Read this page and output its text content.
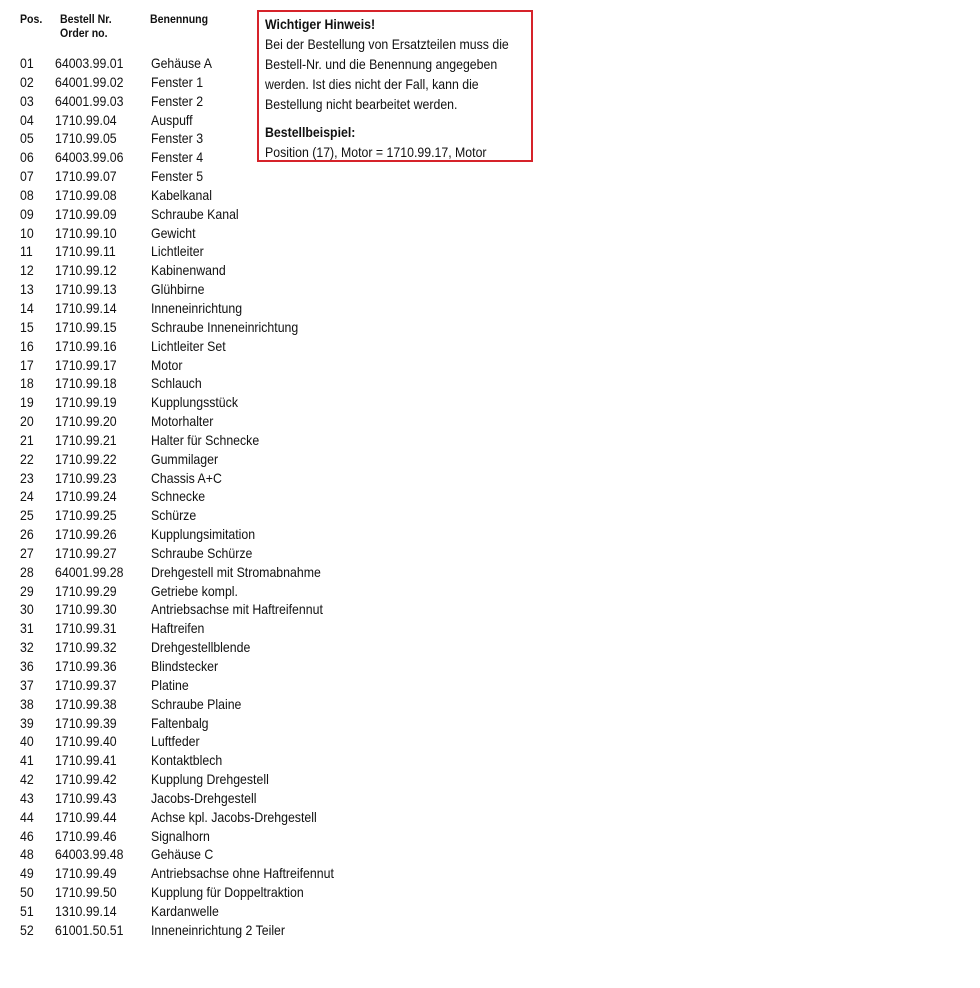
Pos. Bestell Nr.
Order no.
Benennung
01 64003.99.01 Gehäuse A
02 64001.99.02 Fenster 1
03 64001.99.03 Fenster 2
04 1710.99.04 Auspuff
05 1710.99.05 Fenster 3
06 64003.99.06 Fenster 4
07 1710.99.07 Fenster 5
08 1710.99.08 Kabelkanal
09 1710.99.09 Schraube Kanal
10 1710.99.10 Gewicht
11 1710.99.11	Lichtleiter
12 1710.99.12 Kabinenwand
13 1710.99.13 Glühbirne
14 1710.99.14 Inneneinrichtung
15 1710.99.15 Schraube Inneneinrichtung
16 1710.99.16 Lichtleiter Set
17 1710.99.17 Motor
18 1710.99.18 Schlauch
19 1710.99.19 Kupplungsstück
20 1710.99.20 Motorhalter
21 1710.99.21 Halter für Schnecke
22 1710.99.22 Gummilager
23 1710.99.23 Chassis A+C
24 1710.99.24 Schnecke
25 1710.99.25 Schürze
26 1710.99.26 Kupplungsimitation
27 1710.99.27 Schraube Schürze
28 64001.99.28 Drehgestell mit Stromabnahme
29 1710.99.29 Getriebe kompl.
30 1710.99.30 Antriebsachse mit Haftreifennut
31 1710.99.31 Haftreifen
32 1710.99.32 Drehgestellblende
36 1710.99.36 Blindstecker
37 1710.99.37 Platine
38 1710.99.38 Schraube Plaine
39 1710.99.39 Faltenbalg
40 1710.99.40 Luftfeder
41 1710.99.41 Kontaktblech
42 1710.99.42 Kupplung Drehgestell
43 1710.99.43 Jacobs-Drehgestell
44 1710.99.44 Achse kpl. Jacobs-Drehgestell
46 1710.99.46 Signalhorn
48 64003.99.48 Gehäuse C
49 1710.99.49 Antriebsachse ohne Haftreifennut
50 1710.99.50 Kupplung für Doppeltraktion
51 1310.99.14 Kardanwelle
52 61001.50.51 Inneneinrichtung 2 Teiler
Wichtiger Hinweis!
Bei der Bestellung von Ersatzteilen muss die
Bestell-Nr. und die Benennung angegeben
werden. Ist dies nicht der Fall, kann die
Bestellung nicht bearbeitet werden.
Bestellbeispiel:
Position (17), Motor = 1710.99.17, Motor
